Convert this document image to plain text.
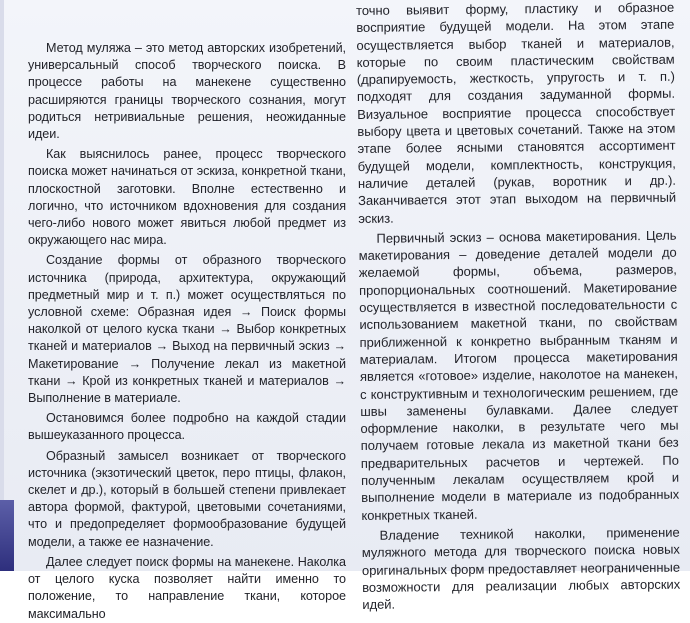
Метод муляжа – это метод авторских изобретений, универсальный способ творческого поиска. В процессе работы на манекене существенно расширяются границы творческого сознания, могут родиться нетривиальные решения, неожиданные идеи.

Как выяснилось ранее, процесс творческого поиска может начинаться от эскиза, конкретной ткани, плоскостной заготовки. Вполне естественно и логично, что источником вдохновения для создания чего-либо нового может явиться любой предмет из окружающего нас мира.

Создание формы от образного творческого источника (природа, архитектура, окружающий предметный мир и т. п.) может осуществляться по условной схеме: Образная идея → Поиск формы наколкой от целого куска ткани → Выбор конкретных тканей и материалов → Выход на первичный эскиз → Макетирование → Получение лекал из макетной ткани → Крой из конкретных тканей и материалов → Выполнение в материале.

Остановимся более подробно на каждой стадии вышеуказанного процесса.

Образный замысел возникает от творческого источника (экзотический цветок, перо птицы, флакон, скелет и др.), который в большей степени привлекает автора формой, фактурой, цветовыми сочетаниями, что и предопределяет формообразование будущей модели, а также ее назначение.

Далее следует поиск формы на манекене. Наколка от целого куска позволяет найти именно то положение, то направление ткани, которое максимально

точно выявит форму, пластику и образное восприятие будущей модели. На этом этапе осуществляется выбор тканей и материалов, которые по своим пластическим свойствам (драпируемость, жесткость, упругость и т. п.) подходят для создания задуманной формы. Визуальное восприятие процесса способствует выбору цвета и цветовых сочетаний. Также на этом этапе более ясными становятся ассортимент будущей модели, комплектность, конструкция, наличие деталей (рукав, воротник и др.). Заканчивается этот этап выходом на первичный эскиз.

Первичный эскиз – основа макетирования. Цель макетирования – доведение деталей модели до желаемой формы, объема, размеров, пропорциональных соотношений. Макетирование осуществляется в известной последовательности с использованием макетной ткани, по свойствам приближенной к конкретно выбранным тканям и материалам. Итогом процесса макетирования является «готовое» изделие, наколотое на манекен, с конструктивным и технологическим решением, где швы заменены булавками. Далее следует оформление наколки, в результате чего мы получаем готовые лекала из макетной ткани без предварительных расчетов и чертежей. По полученным лекалам осуществляем крой и выполнение модели в материале из подобранных конкретных тканей.

Владение техникой наколки, применение муляжного метода для творческого поиска новых оригинальных форм предоставляет неограниченные возможности для реализации любых авторских идей.
